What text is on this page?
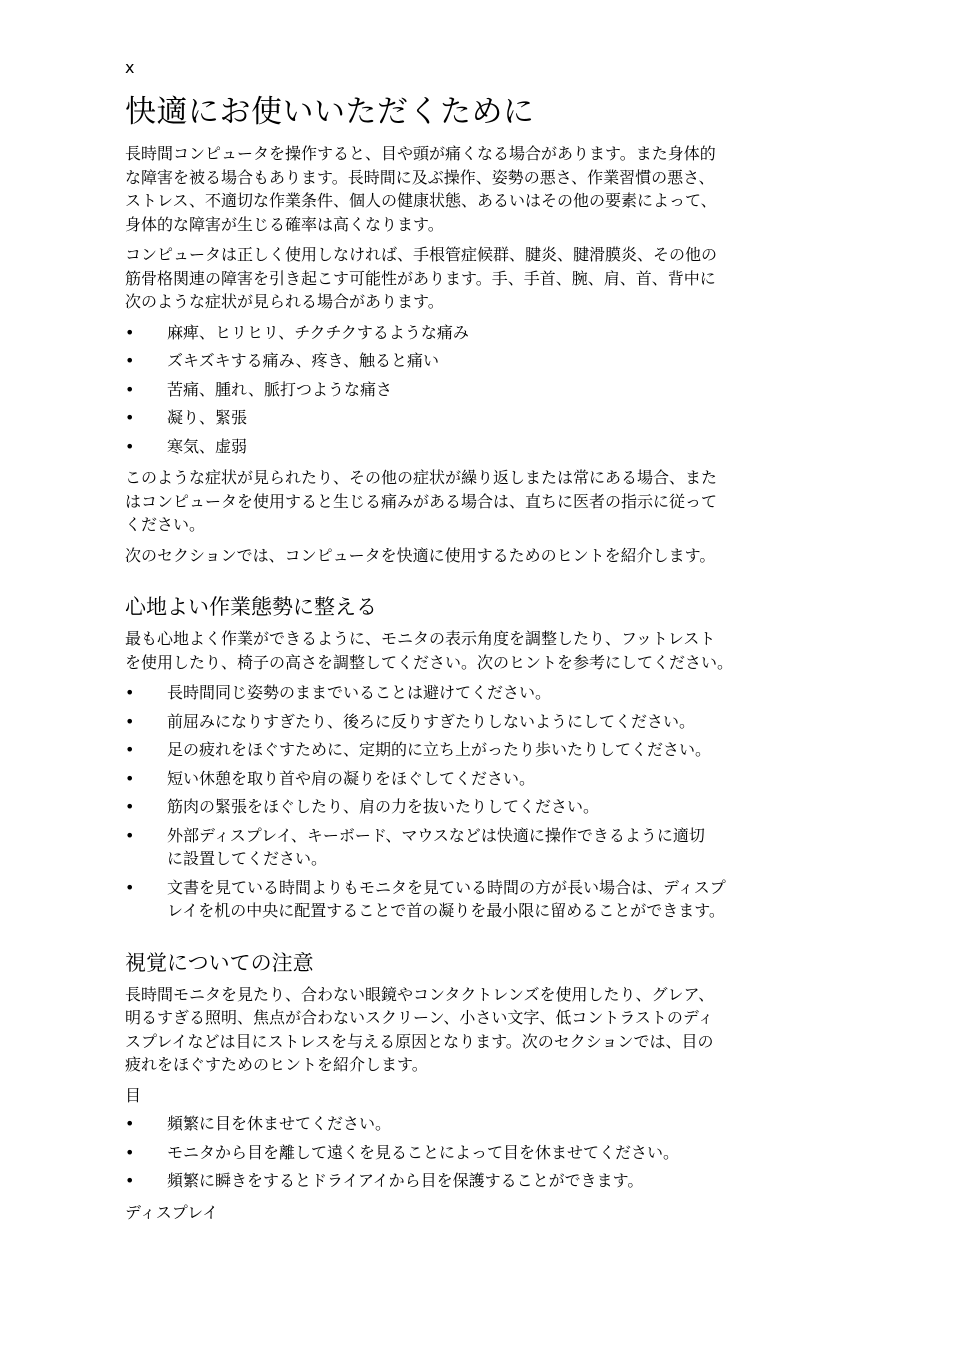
x
快適にお使いいただくために

長時間コンピュータを操作すると、目や頭が痛くなる場合があります。また身体的
な障害を被る場合もあります。長時間に及ぶ操作、姿勢の悪さ、作業習慣の悪さ、
ストレス、不適切な作業条件、個人の健康状態、あるいはその他の要素によって、
身体的な障害が生じる確率は高くなります。

コンピュータは正しく使用しなければ、手根管症候群、腱炎、腱滑膜炎、その他の
筋骨格関連の障害を引き起こす可能性があります。手、手首、腕、肩、首、背中に
次のような症状が見られる場合があります。

• 麻痺、ヒリヒリ、チクチクするような痛み
• ズキズキする痛み、疼き、触ると痛い
• 苦痛、腫れ、脈打つような痛さ
• 凝り、緊張
• 寒気、虚弱

このような症状が見られたり、その他の症状が繰り返しまたは常にある場合、また
はコンピュータを使用すると生じる痛みがある場合は、直ちに医者の指示に従って
ください。

次のセクションでは、コンピュータを快適に使用するためのヒントを紹介します。

心地よい作業態勢に整える

最も心地よく作業ができるように、モニタの表示角度を調整したり、フットレスト
を使用したり、椅子の高さを調整してください。次のヒントを参考にしてください。

• 長時間同じ姿勢のままでいることは避けてください。
• 前屈みになりすぎたり、後ろに反りすぎたりしないようにしてください。
• 足の疲れをほぐすために、定期的に立ち上がったり歩いたりしてください。
• 短い休憩を取り首や肩の凝りをほぐしてください。
• 筋肉の緊張をほぐしたり、肩の力を抜いたりしてください。
• 外部ディスプレイ、キーボード、マウスなどは快適に操作できるように適切
に設置してください。
• 文書を見ている時間よりもモニタを見ている時間の方が長い場合は、ディスプ
レイを机の中央に配置することで首の凝りを最小限に留めることができます。
視覚についての注意

長時間モニタを見たり、合わない眼鏡やコンタクトレンズを使用したり、グレア、
明るすぎる照明、焦点が合わないスクリーン、小さい文字、低コントラストのディ
スプレイなどは目にストレスを与える原因となります。次のセクションでは、目の
疲れをほぐすためのヒントを紹介します。

目

• 頻繁に目を休ませてください。
• モニタから目を離して遠くを見ることによって目を休ませてください。
• 頻繁に瞬きをするとドライアイから目を保護することができます。

ディスプレイ
